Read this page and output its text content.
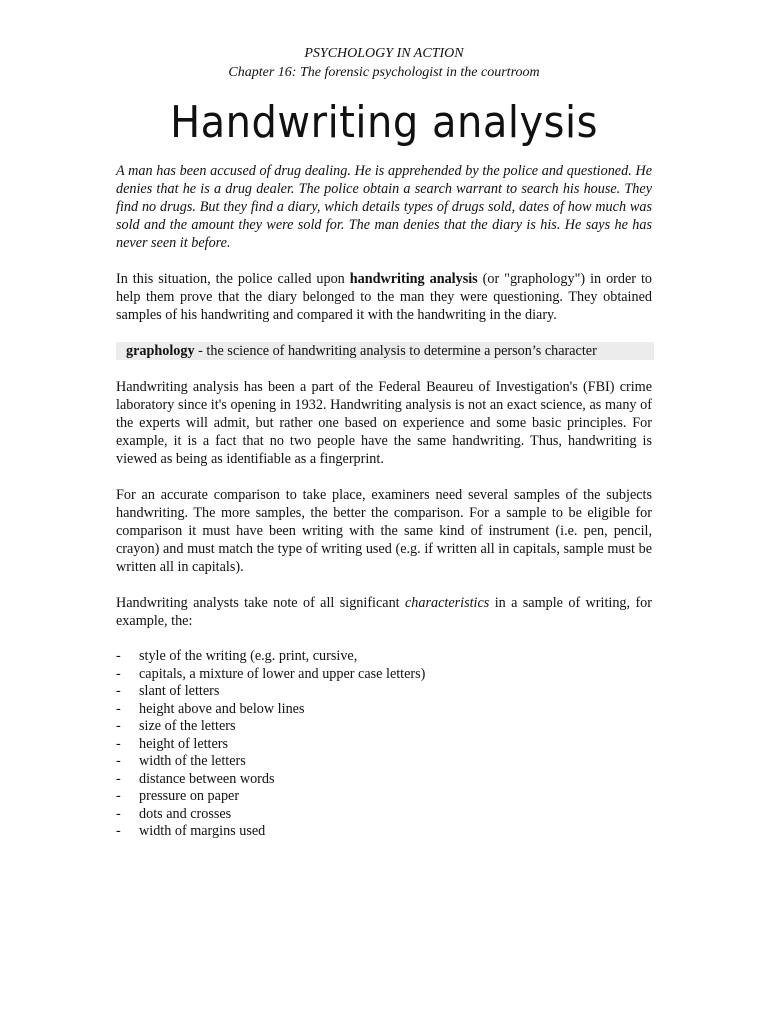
PSYCHOLOGY IN ACTION
Chapter 16: The forensic psychologist in the courtroom
Handwriting analysis

A man has been accused of drug dealing. He is apprehended by the police and questioned. He denies that he is a drug dealer. The police obtain a search warrant to search his house. They find no drugs. But they find a diary, which details types of drugs sold, dates of how much was sold and the amount they were sold for. The man denies that the diary is his. He says he has never seen it before.

In this situation, the police called upon handwriting analysis (or "graphology") in order to help them prove that the diary belonged to the man they were questioning. They obtained samples of his handwriting and compared it with the handwriting in the diary.

graphology - the science of handwriting analysis to determine a person’s character

Handwriting analysis has been a part of the Federal Beaureu of Investigation's (FBI) crime laboratory since it's opening in 1932. Handwriting analysis is not an exact science, as many of the experts will admit, but rather one based on experience and some basic principles. For example, it is a fact that no two people have the same handwriting. Thus, handwriting is viewed as being as identifiable as a fingerprint.

For an accurate comparison to take place, examiners need several samples of the subjects handwriting. The more samples, the better the comparison. For a sample to be eligible for comparison it must have been writing with the same kind of instrument (i.e. pen, pencil, crayon) and must match the type of writing used (e.g. if written all in capitals, sample must be written all in capitals).

Handwriting analysts take note of all significant characteristics in a sample of writing, for example, the:

- style of the writing (e.g. print, cursive,
- capitals, a mixture of lower and upper case letters)
- slant of letters
- height above and below lines
- size of the letters
- height of letters
- width of the letters
- distance between words
- pressure on paper
- dots and crosses
- width of margins used
